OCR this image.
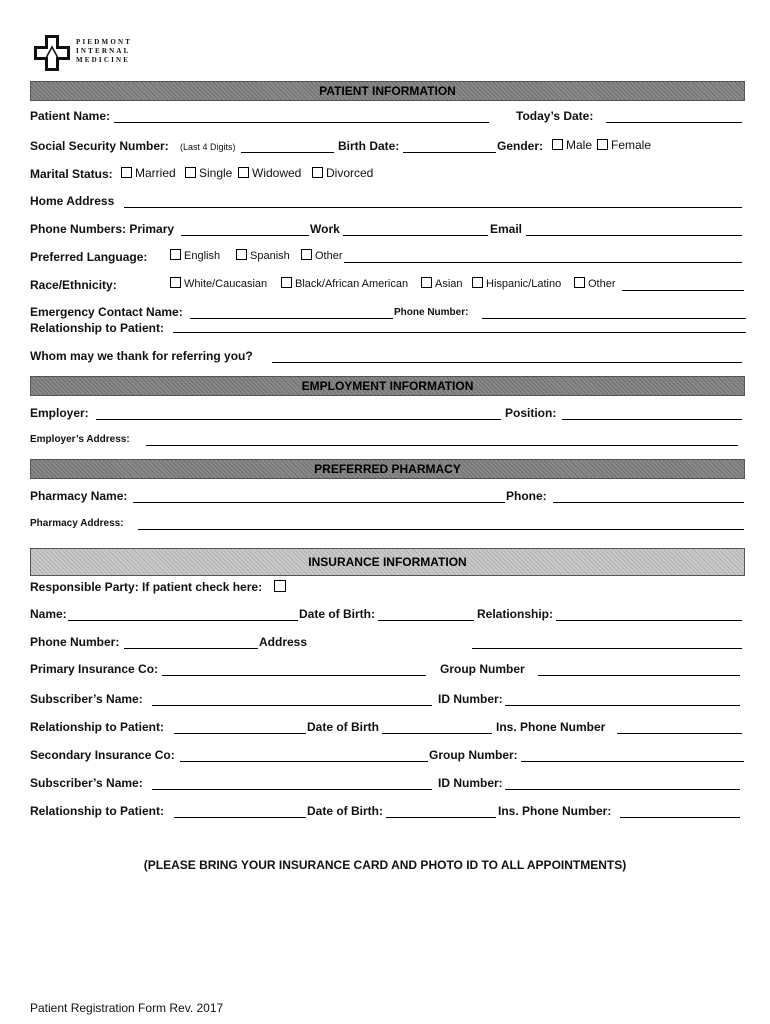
PIEDMONT
INTERNAL
MEDICINE
PATIENT INFORMATION
Patient Name:	Today’s Date:
Social Security Number: (Last 4 Digits)	Birth Date:	Gender:	Male	Female
Marital Status:	Married	Single	Widowed	Divorced
Home Address
Phone Numbers: Primary	Work	Email
Preferred Language:	English	Spanish	Other
Race/Ethnicity:	White/Caucasian	Black/African American	Asian	Hispanic/Latino	Other
Emergency Contact Name:	Phone Number:
Relationship to Patient:
Whom may we thank for referring you?
EMPLOYMENT INFORMATION
Employer:	Position:
Employer’s Address:
PREFERRED PHARMACY
Pharmacy Name:	Phone:
Pharmacy Address:
INSURANCE INFORMATION
Responsible Party: If patient check here:
Name:	Date of Birth:	Relationship:
Phone Number:	Address
Primary Insurance Co:	Group Number
Subscriber’s Name:	ID Number:
Relationship to Patient:	Date of Birth	Ins. Phone Number
Secondary Insurance Co:	Group Number:
Subscriber’s Name:	ID Number:
Relationship to Patient:	Date of Birth:	Ins. Phone Number:
(PLEASE BRING YOUR INSURANCE CARD AND PHOTO ID TO ALL APPOINTMENTS)
Patient Registration Form Rev. 2017
